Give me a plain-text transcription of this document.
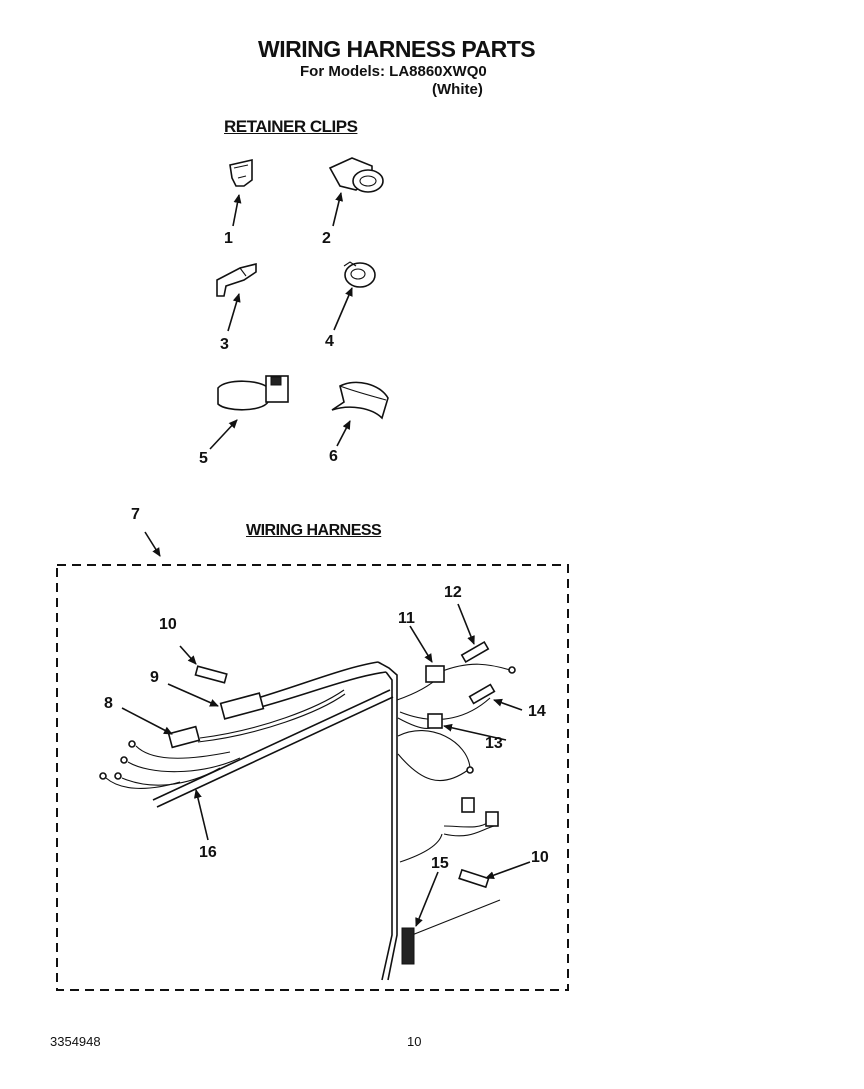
WIRING HARNESS PARTS
For Models: LA8860XWQ0
(White)
RETAINER CLIPS
WIRING HARNESS
1	2
3	4
5	6
7
8
9
10	11
12
13
14
15	10
16
3354948	10
